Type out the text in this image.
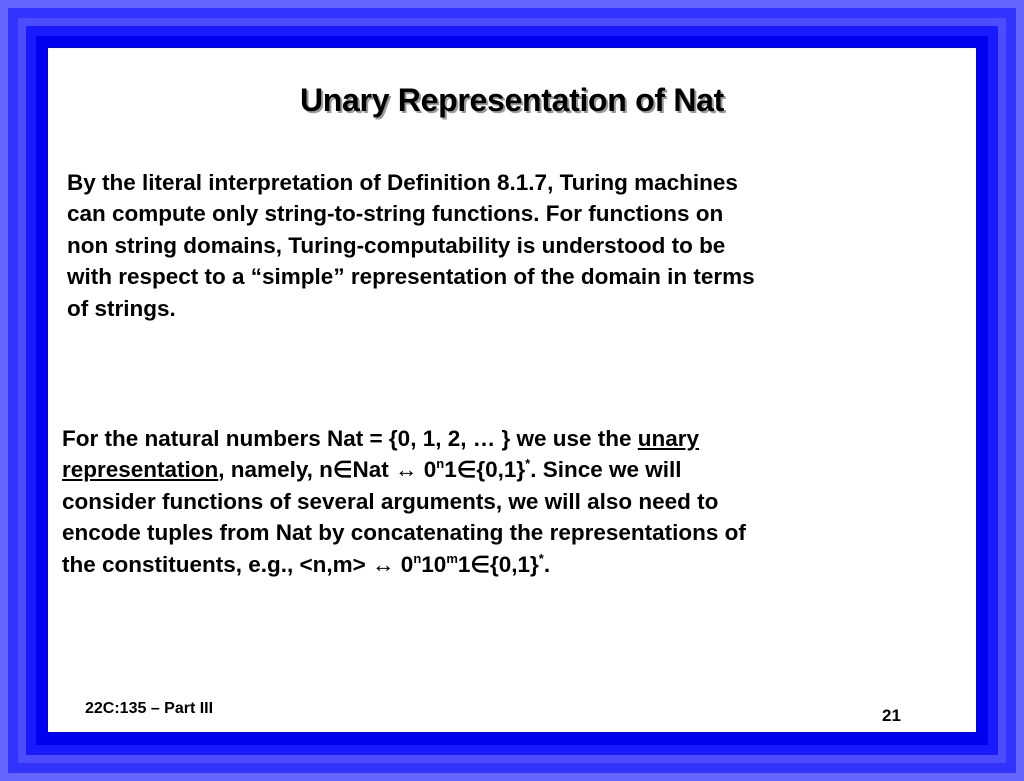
Unary Representation of Nat

By the literal interpretation of Definition 8.1.7, Turing machines can compute only string-to-string functions. For functions on non string domains, Turing-computability is understood to be with respect to a “simple” representation of the domain in terms of strings.

For the natural numbers Nat = {0, 1, 2, … } we use the unary representation, namely, n∈Nat ↔ 0$^n$1∈{0,1}*. Since we will consider functions of several arguments, we will also need to encode tuples from Nat by concatenating the representations of the constituents, e.g., <n,m> ↔ 0$^n$10$^m$1∈{0,1}*.

22C:135 – Part III	21
